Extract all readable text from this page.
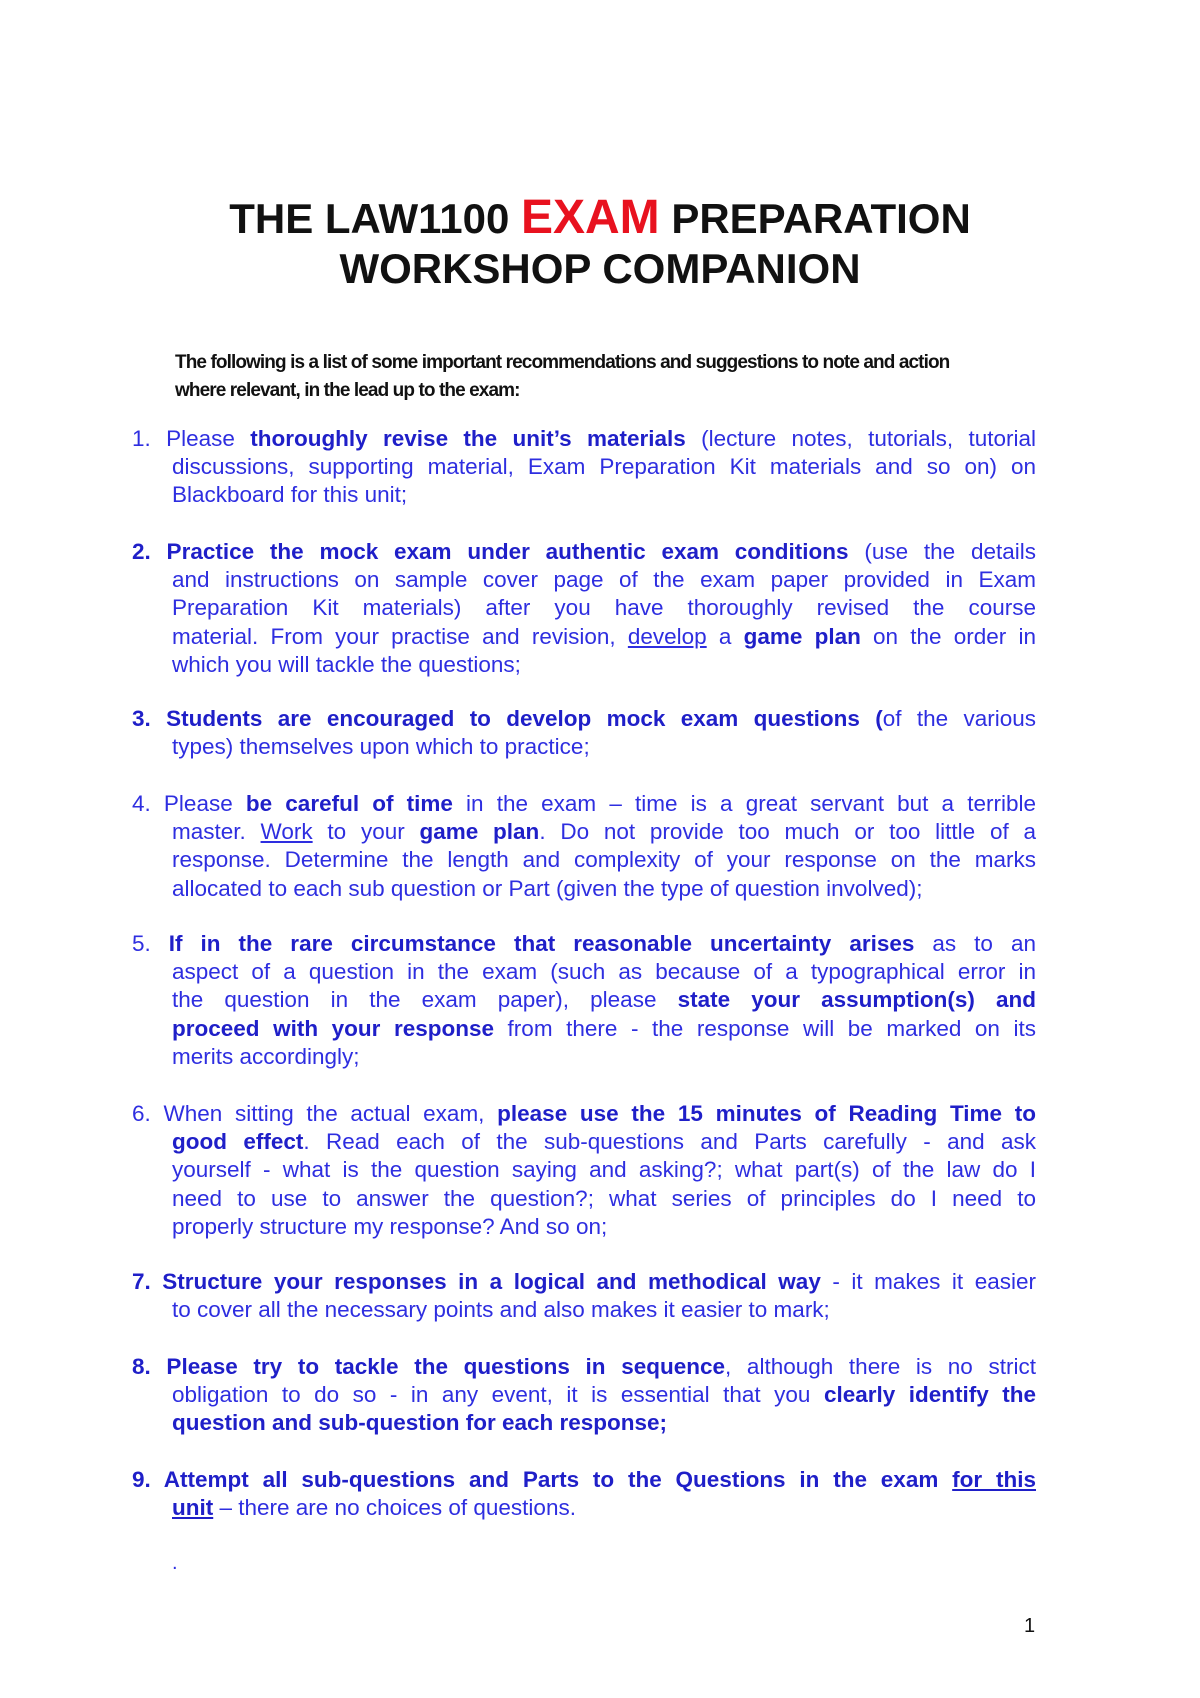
THE LAW1100 EXAM PREPARATION
WORKSHOP COMPANION
The following is a list of some important recommendations and suggestions to note and action
where relevant, in the lead up to the exam:

1. Please thoroughly revise the unit’s materials (lecture notes, tutorials, tutorial

discussions, supporting material, Exam Preparation Kit materials and so on) on

Blackboard for this unit;

2. Practice the mock exam under authentic exam conditions (use the details

and instructions on sample cover page of the exam paper provided in Exam

Preparation Kit materials) after you have thoroughly revised the course

material. From your practise and revision, develop a game plan on the order in

which you will tackle the questions;

3. Students are encouraged to develop mock exam questions (of the various

types) themselves upon which to practice;

4. Please be careful of time in the exam – time is a great servant but a terrible

master. Work to your game plan. Do not provide too much or too little of a

response. Determine the length and complexity of your response on the marks

allocated to each sub question or Part (given the type of question involved);

5. If in the rare circumstance that reasonable uncertainty arises as to an

aspect of a question in the exam (such as because of a typographical error in

the question in the exam paper), please state your assumption(s) and

proceed with your response from there - the response will be marked on its

merits accordingly;

6. When sitting the actual exam, please use the 15 minutes of Reading Time to

good effect. Read each of the sub-questions and Parts carefully - and ask

yourself - what is the question saying and asking?; what part(s) of the law do I

need to use to answer the question?; what series of principles do I need to

properly structure my response? And so on;

7. Structure your responses in a logical and methodical way - it makes it easier

to cover all the necessary points and also makes it easier to mark;

8. Please try to tackle the questions in sequence, although there is no strict

obligation to do so - in any event, it is essential that you clearly identify the

question and sub-question for each response;

9. Attempt all sub-questions and Parts to the Questions in the exam for this

unit – there are no choices of questions.

.
1
